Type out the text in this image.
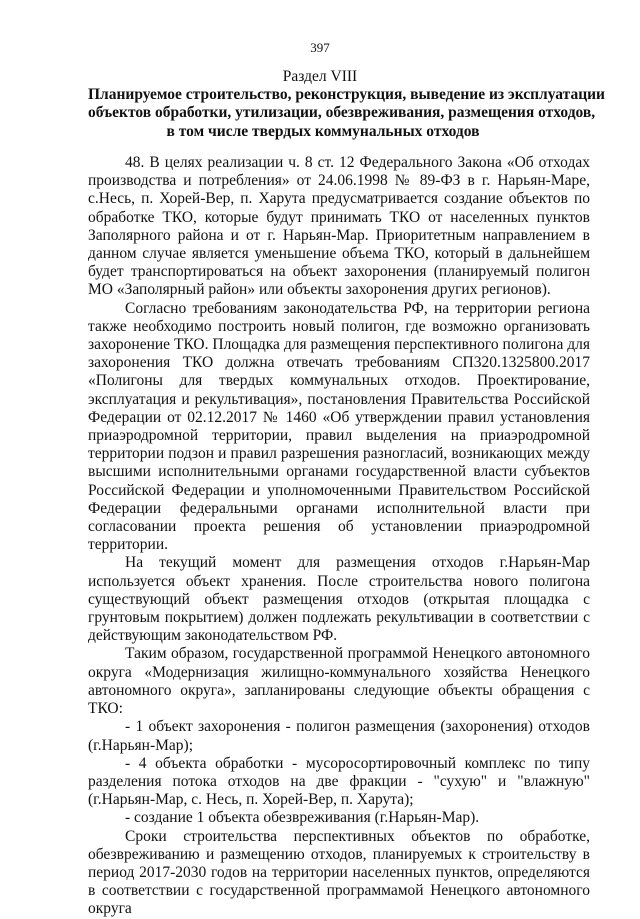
397
Раздел VIII
Планируемое строительство, реконструкция, выведение из эксплуатации
объектов обработки, утилизации, обезвреживания, размещения отходов,
в том числе твердых коммунальных отходов

48. В целях реализации ч. 8 ст. 12 Федерального Закона «Об отходах производства и потребления» от 24.06.1998 № 89-ФЗ в г. Нарьян-Маре, с.Несь, п. Хорей-Вер, п. Харута предусматривается создание объектов по обработке ТКО, которые будут принимать ТКО от населенных пунктов Заполярного района и от г. Нарьян-Мар. Приоритетным направлением в данном случае является уменьшение объема ТКО, который в дальнейшем будет транспортироваться на объект захоронения (планируемый полигон МО «Заполярный район» или объекты захоронения других регионов).

Согласно требованиям законодательства РФ, на территории региона также необходимо построить новый полигон, где возможно организовать захоронение ТКО. Площадка для размещения перспективного полигона для захоронения ТКО должна отвечать требованиям СП320.1325800.2017 «Полигоны для твердых коммунальных отходов. Проектирование, эксплуатация и рекультивация», постановления Правительства Российской Федерации от 02.12.2017 № 1460 «Об утверждении правил установления приаэродромной территории, правил выделения на приаэродромной территории подзон и правил разрешения разногласий, возникающих между высшими исполнительными органами государственной власти субъектов Российской Федерации и уполномоченными Правительством Российской Федерации федеральными органами исполнительной власти при согласовании проекта решения об установлении приаэродромной территории.

На текущий момент для размещения отходов г.Нарьян-Мар используется объект хранения. После строительства нового полигона существующий объект размещения отходов (открытая площадка с грунтовым покрытием) должен подлежать рекультивации в соответствии с действующим законодательством РФ.

Таким образом, государственной программой Ненецкого автономного округа «Модернизация жилищно-коммунального хозяйства Ненецкого автономного округа», запланированы следующие объекты обращения с ТКО:

- 1 объект захоронения - полигон размещения (захоронения) отходов (г.Нарьян-Мар);

- 4 объекта обработки - мусоросортировочный комплекс по типу разделения потока отходов на две фракции - "сухую" и "влажную" (г.Нарьян-Мар, с. Несь, п. Хорей-Вер, п. Харута);

- создание 1 объекта обезвреживания (г.Нарьян-Мар).

Сроки строительства перспективных объектов по обработке, обезвреживанию и размещению отходов, планируемых к строительству в период 2017-2030 годов на территории населенных пунктов, определяются в соответствии с государственной программамой Ненецкого автономного округа
